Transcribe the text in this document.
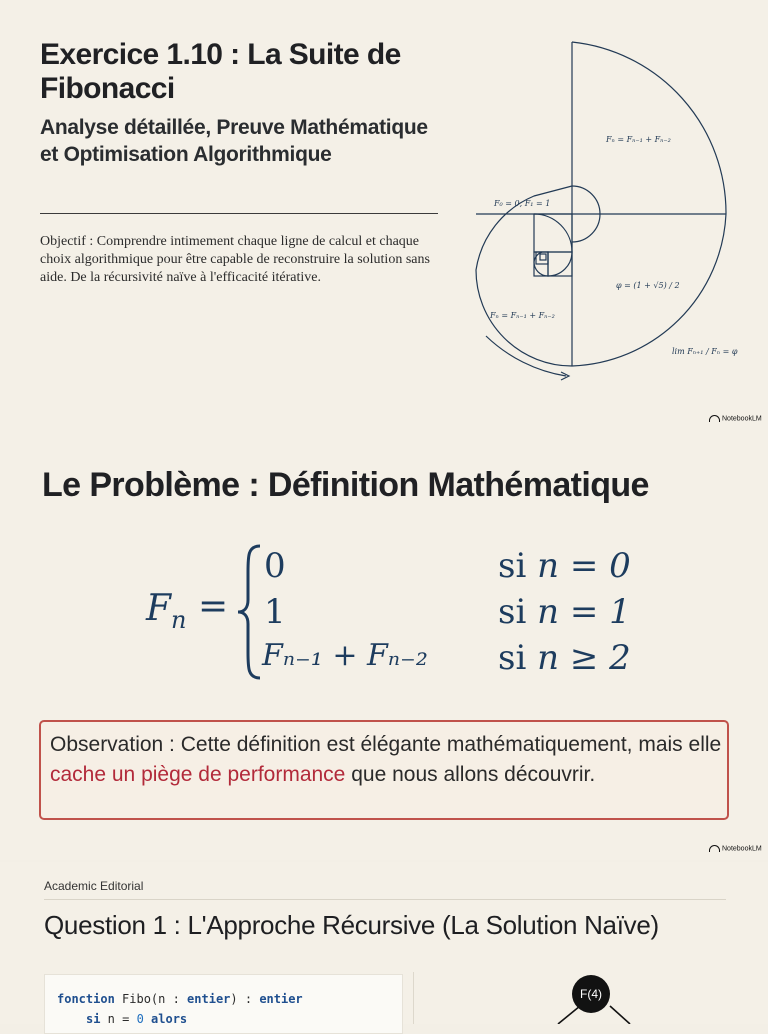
Exercice 1.10 : La Suite de Fibonacci
Analyse détaillée, Preuve Mathématique et Optimisation Algorithmique
Objectif : Comprendre intimement chaque ligne de calcul et chaque choix algorithmique pour être capable de reconstruire la solution sans aide. De la récursivité naïve à l'efficacité itérative.
Fₙ = Fₙ₋₁ + Fₙ₋₂
F₀ = 0, F₁ = 1
φ = (1 + √5) / 2
Fₙ = Fₙ₋₁ + Fₙ₋₂
lim Fₙ₊₁ / Fₙ = φ
NotebookLM
Le Problème : Définition Mathématique
$F_n$ =
0
1
Fₙ₋₁ + Fₙ₋₂
si n = 0
si n = 1
si n ≥ 2
Observation : Cette définition est élégante mathématiquement, mais elle cache un piège de performance que nous allons découvrir.
NotebookLM
Academic Editorial
Question 1 : L'Approche Récursive (La Solution Naïve)
fonction Fibo(n : entier) : entier
si n = 0 alors
F(4)
